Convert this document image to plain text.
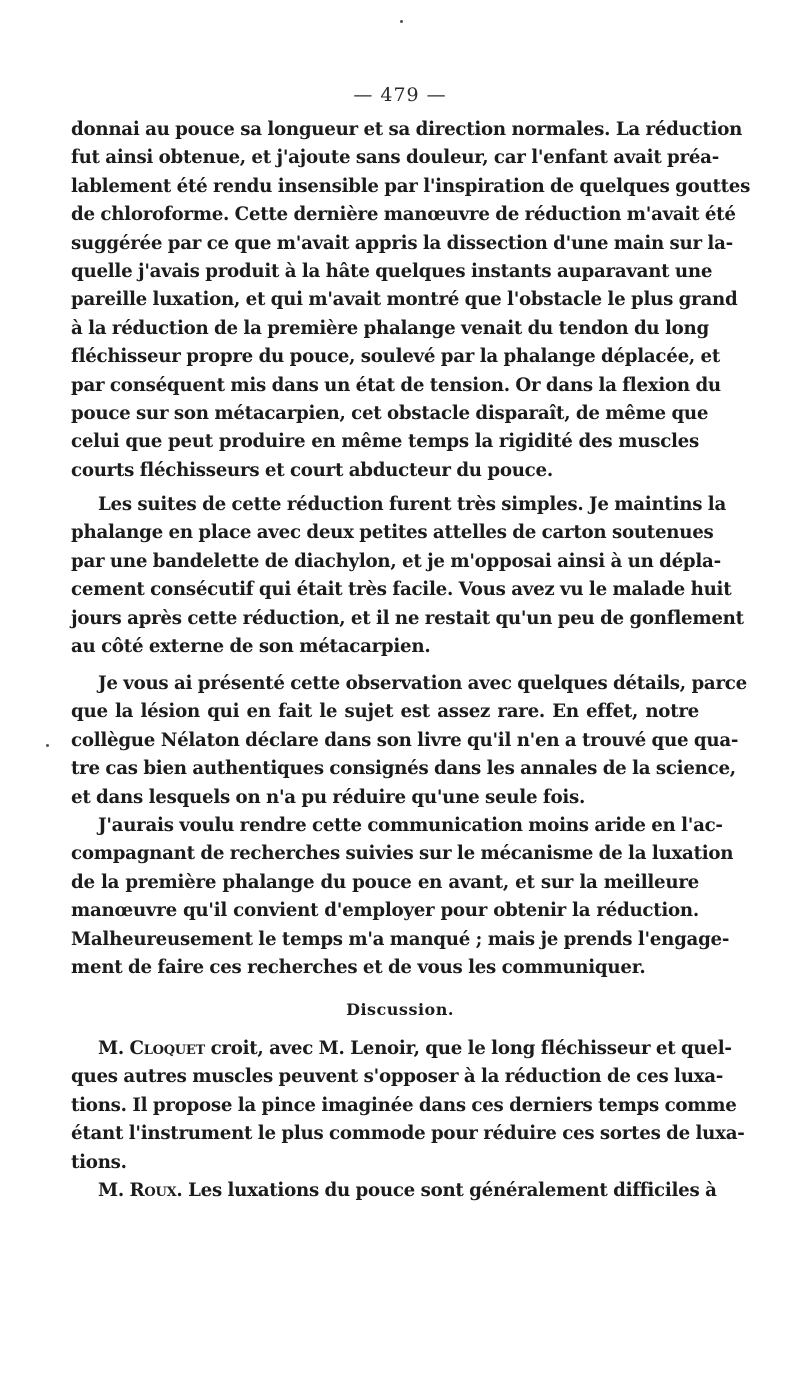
— 479 —
donnai au pouce sa longueur et sa direction normales. La réduction
fut ainsi obtenue, et j'ajoute sans douleur, car l'enfant avait préa-
lablement été rendu insensible par l'inspiration de quelques gouttes
de chloroforme. Cette dernière manœuvre de réduction m'avait été
suggérée par ce que m'avait appris la dissection d'une main sur la-
quelle j'avais produit à la hâte quelques instants auparavant une
pareille luxation, et qui m'avait montré que l'obstacle le plus grand
à la réduction de la première phalange venait du tendon du long
fléchisseur propre du pouce, soulevé par la phalange déplacée, et
par conséquent mis dans un état de tension. Or dans la flexion du
pouce sur son métacarpien, cet obstacle disparaît, de même que
celui que peut produire en même temps la rigidité des muscles
courts fléchisseurs et court abducteur du pouce.
Les suites de cette réduction furent très simples. Je maintins la
phalange en place avec deux petites attelles de carton soutenues
par une bandelette de diachylon, et je m'opposai ainsi à un dépla-
cement consécutif qui était très facile. Vous avez vu le malade huit
jours après cette réduction, et il ne restait qu'un peu de gonflement
au côté externe de son métacarpien.
Je vous ai présenté cette observation avec quelques détails, parce
que la lésion qui en fait le sujet est assez rare. En effet, notre
collègue Nélaton déclare dans son livre qu'il n'en a trouvé que qua-
tre cas bien authentiques consignés dans les annales de la science,
et dans lesquels on n'a pu réduire qu'une seule fois.
J'aurais voulu rendre cette communication moins aride en l'ac-
compagnant de recherches suivies sur le mécanisme de la luxation
de la première phalange du pouce en avant, et sur la meilleure
manœuvre qu'il convient d'employer pour obtenir la réduction.
Malheureusement le temps m'a manqué ; mais je prends l'engage-
ment de faire ces recherches et de vous les communiquer.
Discussion.
M. Cloquet croit, avec M. Lenoir, que le long fléchisseur et quel-
ques autres muscles peuvent s'opposer à la réduction de ces luxa-
tions. Il propose la pince imaginée dans ces derniers temps comme
étant l'instrument le plus commode pour réduire ces sortes de luxa-
tions.
M. Roux. Les luxations du pouce sont généralement difficiles à
